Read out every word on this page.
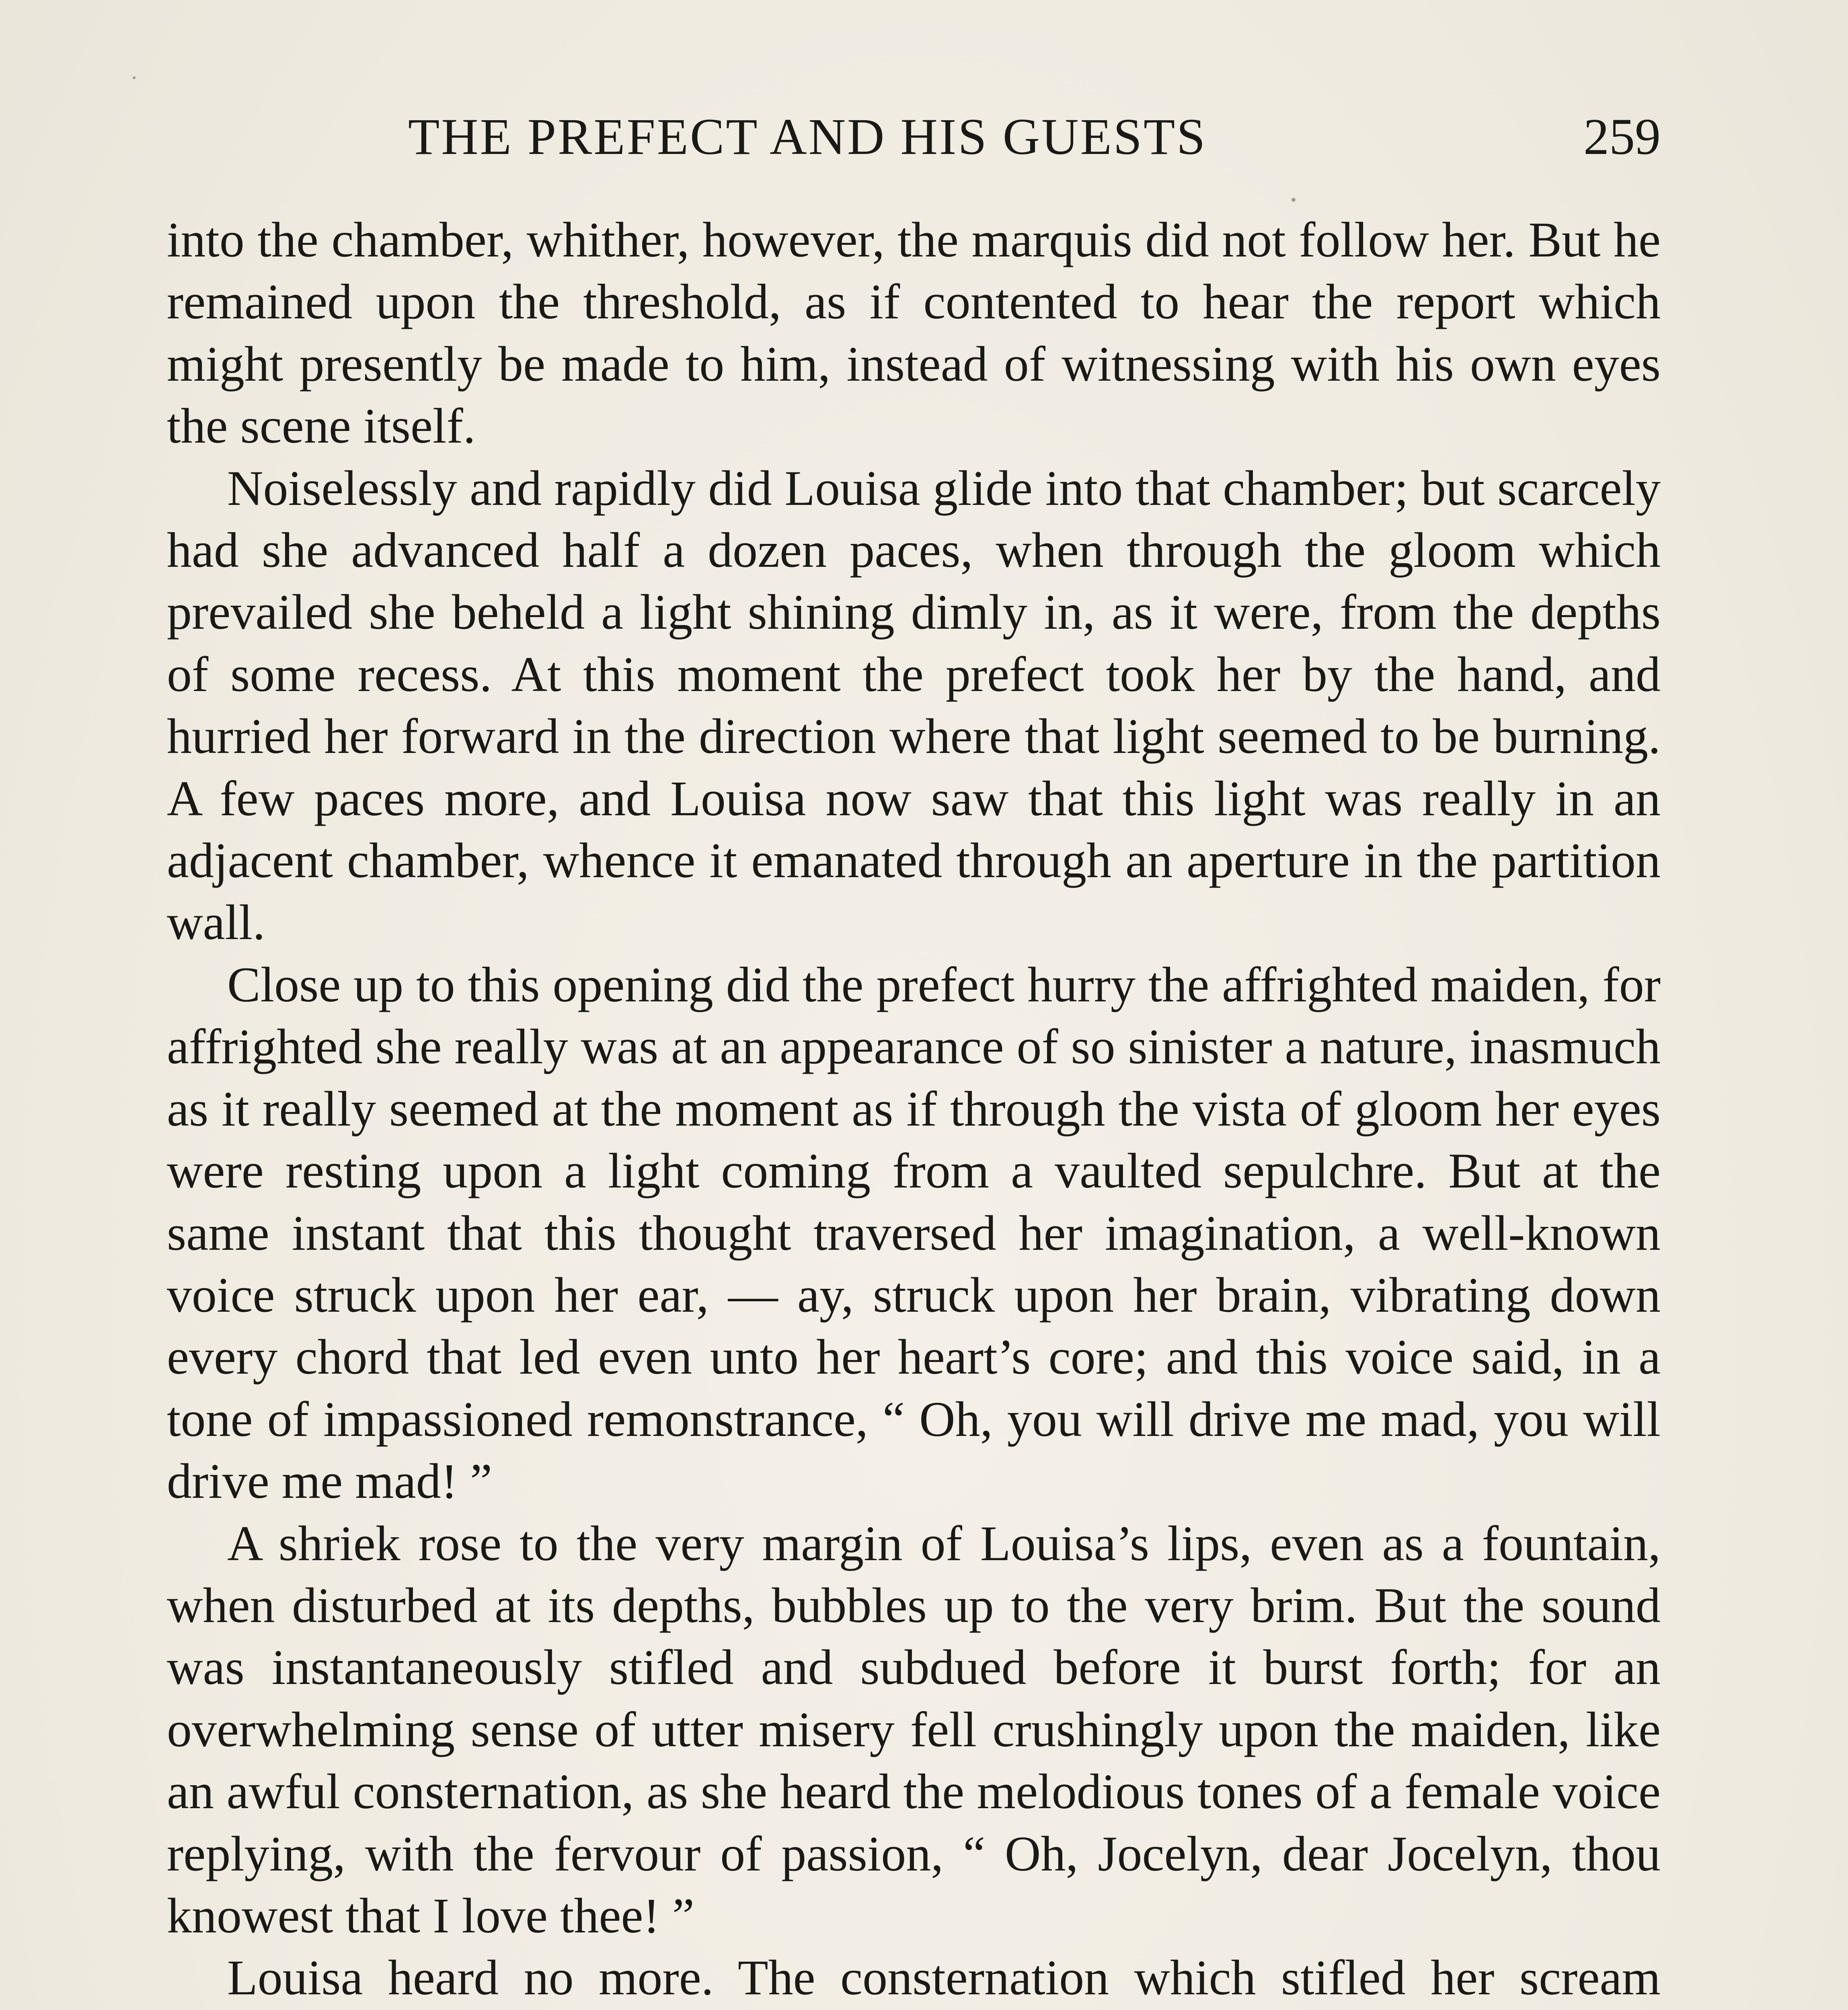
THE PREFECT AND HIS GUESTS	259

into the chamber, whither, however, the marquis did not follow her. But he remained upon the threshold, as if contented to hear the report which might presently be made to him, instead of witnessing with his own eyes the scene itself.

Noiselessly and rapidly did Louisa glide into that chamber; but scarcely had she advanced half a dozen paces, when through the gloom which prevailed she beheld a light shining dimly in, as it were, from the depths of some recess. At this moment the prefect took her by the hand, and hurried her forward in the direction where that light seemed to be burning. A few paces more, and Louisa now saw that this light was really in an adjacent chamber, whence it emanated through an aperture in the partition wall.

Close up to this opening did the prefect hurry the affrighted maiden, for affrighted she really was at an appearance of so sinister a nature, inasmuch as it really seemed at the moment as if through the vista of gloom her eyes were resting upon a light coming from a vaulted sepulchre. But at the same instant that this thought traversed her imagination, a well-known voice struck upon her ear, — ay, struck upon her brain, vibrating down every chord that led even unto her heart’s core; and this voice said, in a tone of impassioned remonstrance, “ Oh, you will drive me mad, you will drive me mad! ”

A shriek rose to the very margin of Louisa’s lips, even as a fountain, when disturbed at its depths, bubbles up to the very brim. But the sound was instantaneously stifled and subdued before it burst forth; for an overwhelming sense of utter misery fell crushingly upon the maiden, like an awful consternation, as she heard the melodious tones of a female voice replying, with the fervour of passion, “ Oh, Jocelyn, dear Jocelyn, thou knowest that I love thee! ”

Louisa heard no more. The consternation which stifled her scream
